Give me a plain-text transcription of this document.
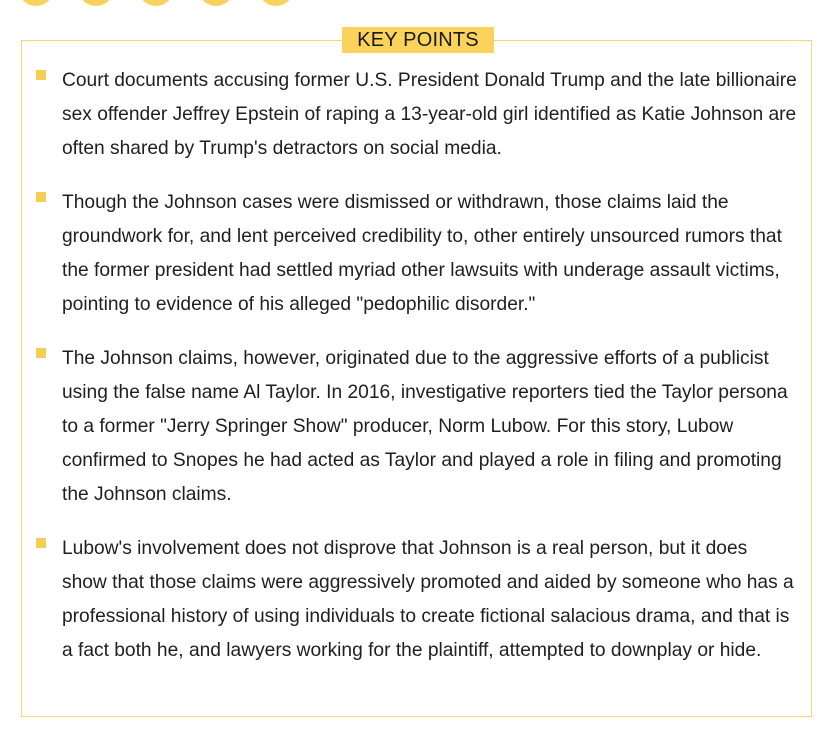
Court documents accusing former U.S. President Donald Trump and the late billionaire sex offender Jeffrey Epstein of raping a 13-year-old girl identified as Katie Johnson are often shared by Trump's detractors on social media.
Though the Johnson cases were dismissed or withdrawn, those claims laid the groundwork for, and lent perceived credibility to, other entirely unsourced rumors that the former president had settled myriad other lawsuits with underage assault victims, pointing to evidence of his alleged "pedophilic disorder."
The Johnson claims, however, originated due to the aggressive efforts of a publicist using the false name Al Taylor. In 2016, investigative reporters tied the Taylor persona to a former "Jerry Springer Show" producer, Norm Lubow. For this story, Lubow confirmed to Snopes he had acted as Taylor and played a role in filing and promoting the Johnson claims.
Lubow's involvement does not disprove that Johnson is a real person, but it does show that those claims were aggressively promoted and aided by someone who has a professional history of using individuals to create fictional salacious drama, and that is a fact both he, and lawyers working for the plaintiff, attempted to downplay or hide.
KEY POINTS
